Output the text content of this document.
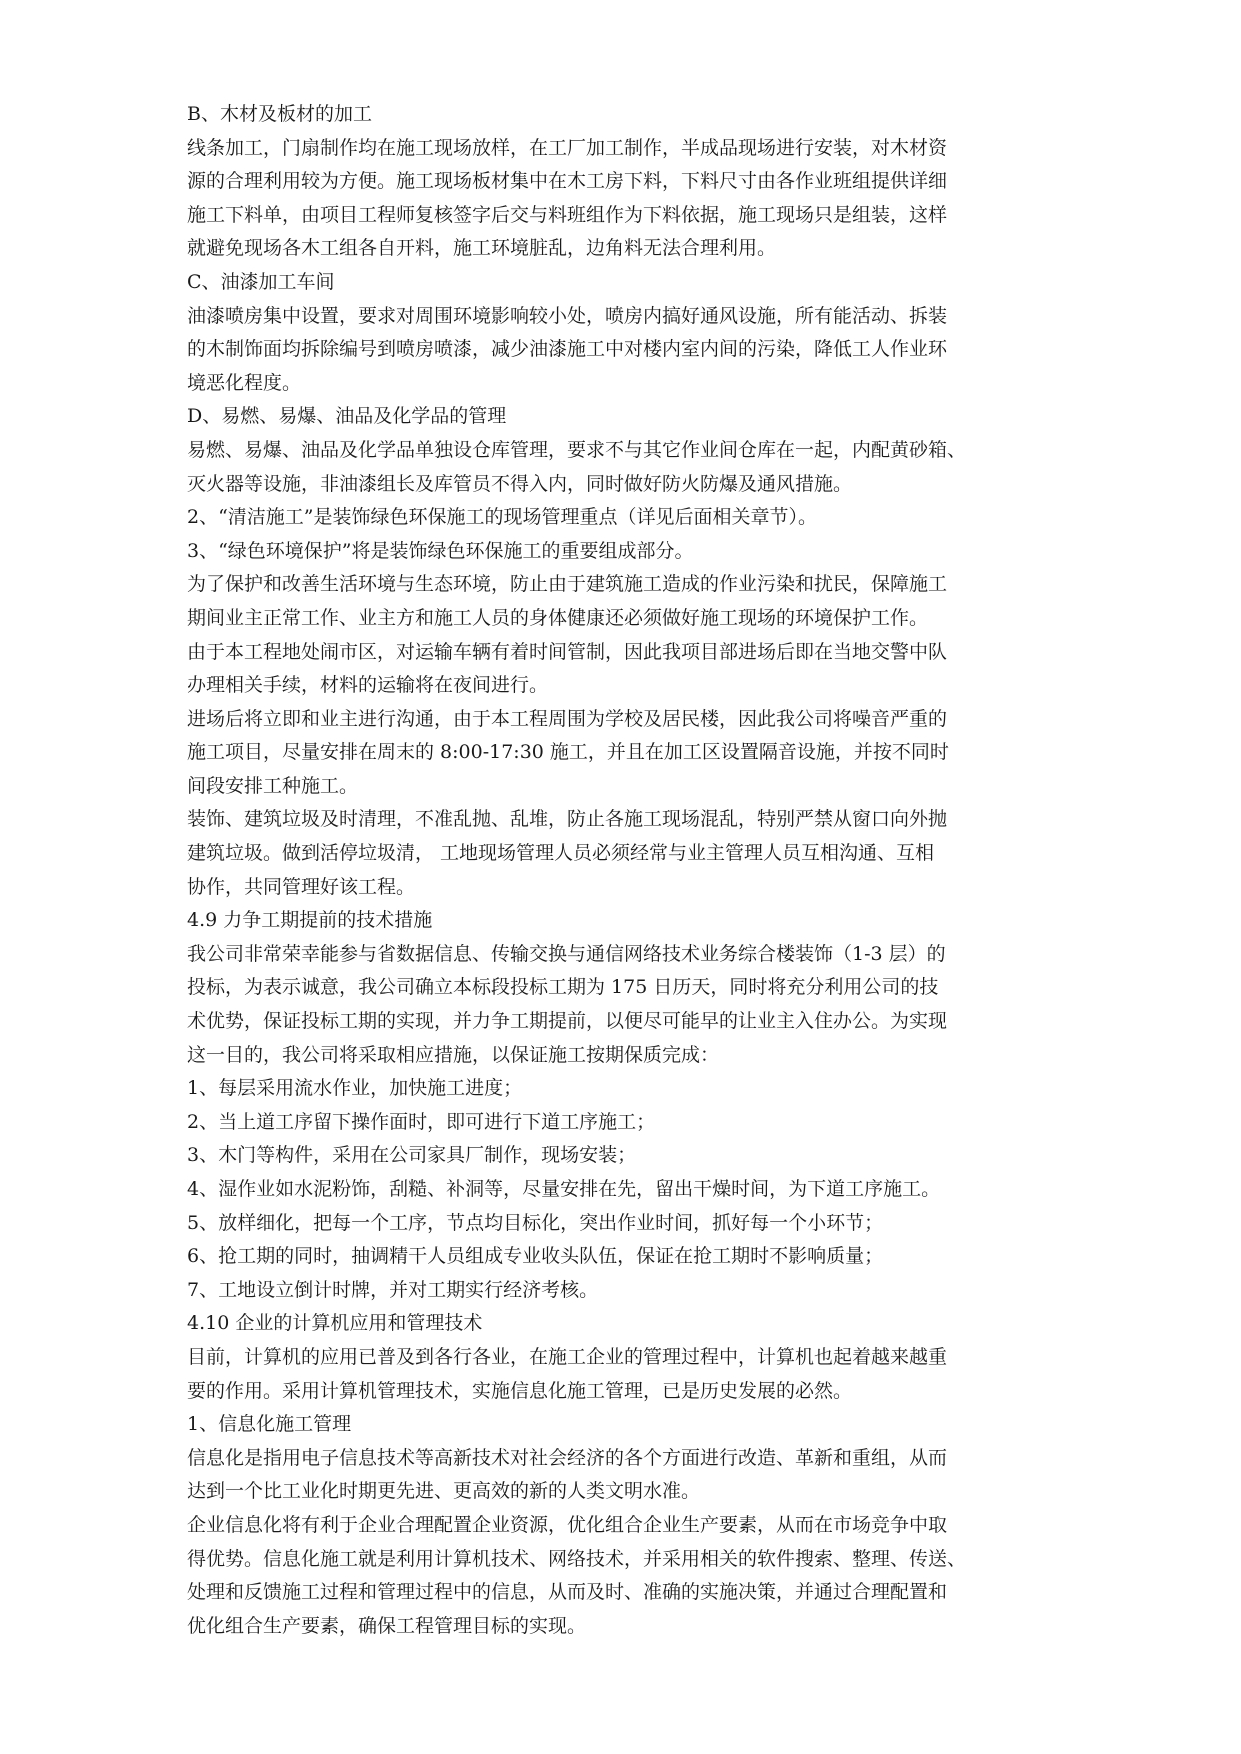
B、木材及板材的加工
线条加工，门扇制作均在施工现场放样，在工厂加工制作，半成品现场进行安装，对木材资
源的合理利用较为方便。施工现场板材集中在木工房下料，下料尺寸由各作业班组提供详细
施工下料单，由项目工程师复核签字后交与料班组作为下料依据，施工现场只是组装，这样
就避免现场各木工组各自开料，施工环境脏乱，边角料无法合理利用。
C、油漆加工车间
油漆喷房集中设置，要求对周围环境影响较小处，喷房内搞好通风设施，所有能活动、拆装
的木制饰面均拆除编号到喷房喷漆，减少油漆施工中对楼内室内间的污染，降低工人作业环
境恶化程度。
D、易燃、易爆、油品及化学品的管理
易燃、易爆、油品及化学品单独设仓库管理，要求不与其它作业间仓库在一起，内配黄砂箱、
灭火器等设施，非油漆组长及库管员不得入内，同时做好防火防爆及通风措施。
2、“清洁施工”是装饰绿色环保施工的现场管理重点（详见后面相关章节）。
3、“绿色环境保护”将是装饰绿色环保施工的重要组成部分。
为了保护和改善生活环境与生态环境，防止由于建筑施工造成的作业污染和扰民，保障施工
期间业主正常工作、业主方和施工人员的身体健康还必须做好施工现场的环境保护工作。
由于本工程地处闹市区，对运输车辆有着时间管制，因此我项目部进场后即在当地交警中队
办理相关手续，材料的运输将在夜间进行。
进场后将立即和业主进行沟通，由于本工程周围为学校及居民楼，因此我公司将噪音严重的
施工项目，尽量安排在周末的 8:00-17:30 施工，并且在加工区设置隔音设施，并按不同时
间段安排工种施工。
装饰、建筑垃圾及时清理，不准乱抛、乱堆，防止各施工现场混乱，特别严禁从窗口向外抛
建筑垃圾。做到活停垃圾清， 工地现场管理人员必须经常与业主管理人员互相沟通、互相
协作，共同管理好该工程。
4.9 力争工期提前的技术措施
我公司非常荣幸能参与省数据信息、传输交换与通信网络技术业务综合楼装饰（1-3 层）的
投标，为表示诚意，我公司确立本标段投标工期为 175 日历天，同时将充分利用公司的技
术优势，保证投标工期的实现，并力争工期提前，以便尽可能早的让业主入住办公。为实现
这一目的，我公司将采取相应措施，以保证施工按期保质完成：
1、每层采用流水作业，加快施工进度；
2、当上道工序留下操作面时，即可进行下道工序施工；
3、木门等构件，采用在公司家具厂制作，现场安装；
4、湿作业如水泥粉饰，刮糙、补洞等，尽量安排在先，留出干燥时间，为下道工序施工。
5、放样细化，把每一个工序，节点均目标化，突出作业时间，抓好每一个小环节；
6、抢工期的同时，抽调精干人员组成专业收头队伍，保证在抢工期时不影响质量；
7、工地设立倒计时牌，并对工期实行经济考核。
4.10 企业的计算机应用和管理技术
目前，计算机的应用已普及到各行各业，在施工企业的管理过程中，计算机也起着越来越重
要的作用。采用计算机管理技术，实施信息化施工管理，已是历史发展的必然。
1、信息化施工管理
信息化是指用电子信息技术等高新技术对社会经济的各个方面进行改造、革新和重组，从而
达到一个比工业化时期更先进、更高效的新的人类文明水准。
企业信息化将有利于企业合理配置企业资源，优化组合企业生产要素，从而在市场竞争中取
得优势。信息化施工就是利用计算机技术、网络技术，并采用相关的软件搜索、整理、传送、
处理和反馈施工过程和管理过程中的信息，从而及时、准确的实施决策，并通过合理配置和
优化组合生产要素，确保工程管理目标的实现。
